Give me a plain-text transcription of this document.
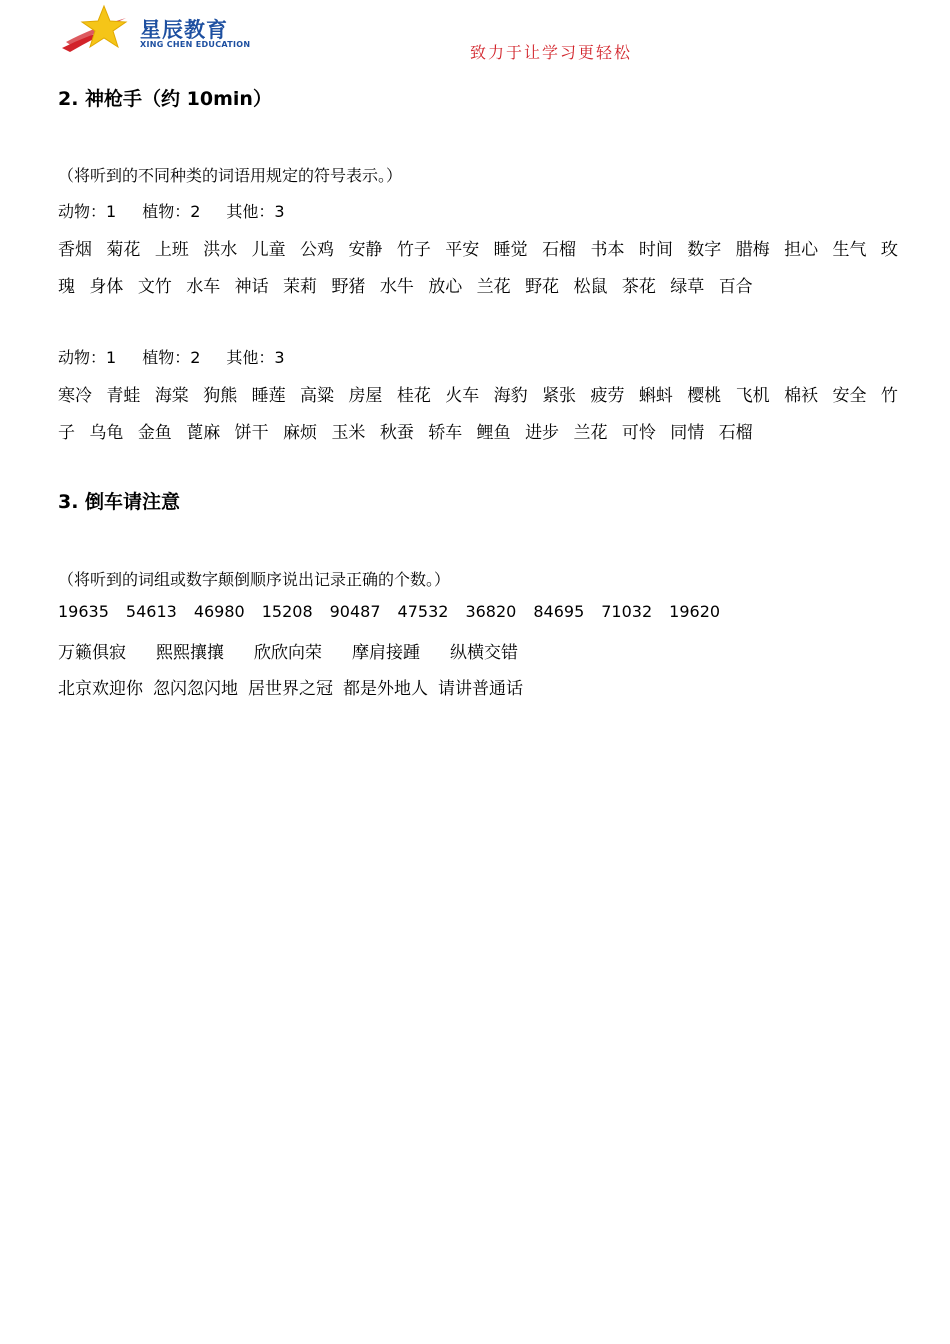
星辰教育
XING CHEN EDUCATION	致力于让学习更轻松
2. 神枪手（约 10min）
（将听到的不同种类的词语用规定的符号表示。）
动物：1 植物：2 其他：3
香烟 菊花 上班 洪水 儿童 公鸡 安静 竹子 平安 睡觉 石榴 书本 时间 数字 腊梅 担心 生气 玫
瑰 身体 文竹 水车 神话 茉莉 野猪 水牛 放心 兰花 野花 松鼠 茶花 绿草 百合
动物：1 植物：2 其他：3
寒冷 青蛙 海棠 狗熊 睡莲 高粱 房屋 桂花 火车 海豹 紧张 疲劳 蝌蚪 樱桃 飞机 棉袄 安全 竹
子 乌龟 金鱼 蓖麻 饼干 麻烦 玉米 秋蚕 轿车 鲤鱼 进步 兰花 可怜 同情 石榴
3. 倒车请注意
（将听到的词组或数字颠倒顺序说出记录正确的个数。）
19635 54613 46980 15208 90487 47532 36820 84695 71032 19620
万籁俱寂 熙熙攘攘 欣欣向荣 摩肩接踵 纵横交错
北京欢迎你 忽闪忽闪地 居世界之冠 都是外地人 请讲普通话
